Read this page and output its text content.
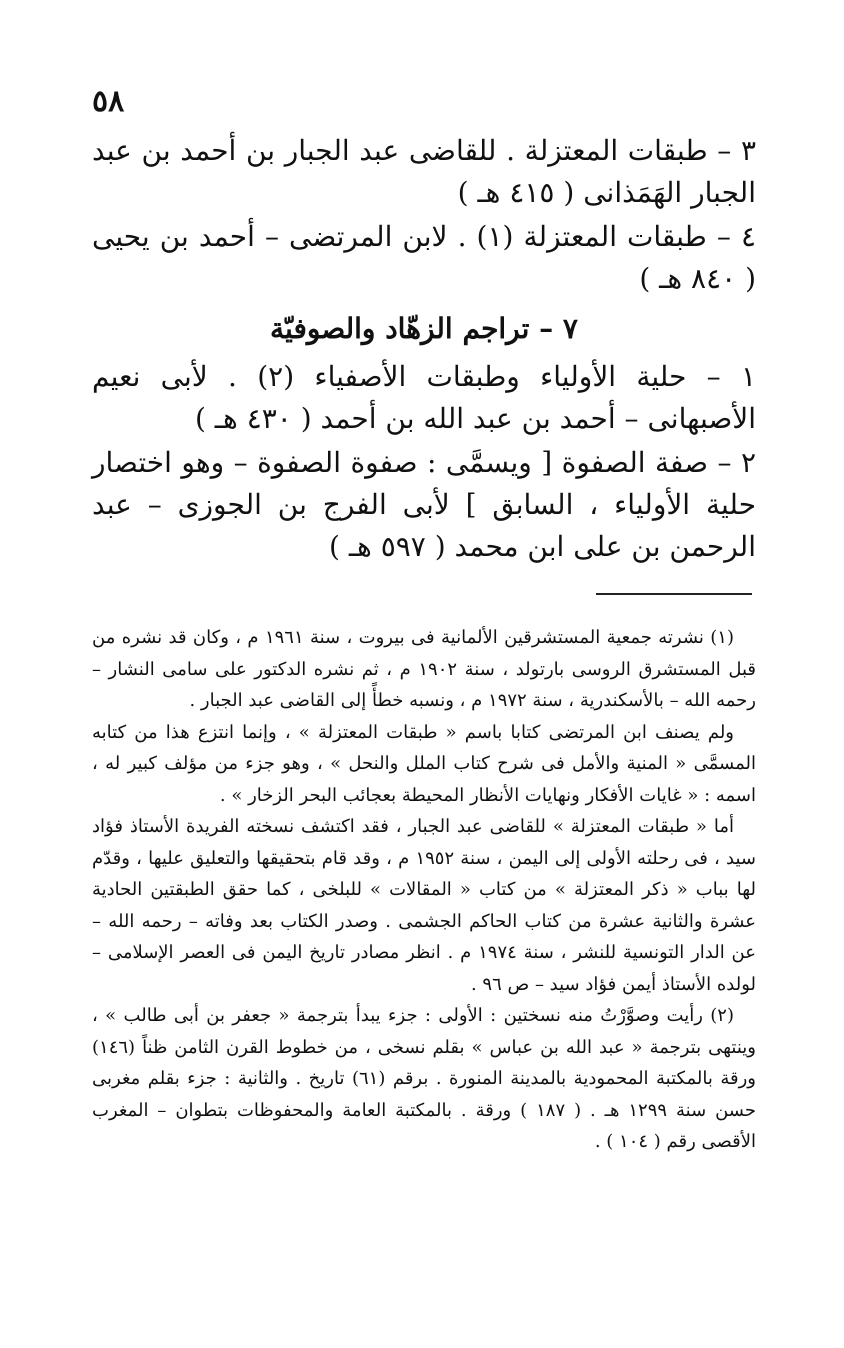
٥٨

٣ – طبقات المعتزلة . للقاضى عبد الجبار بن أحمد بن عبد الجبار الهَمَذانى ( ٤١٥ هـ )

٤ – طبقات المعتزلة (١) . لابن المرتضى – أحمد بن يحيى ( ٨٤٠ هـ )

٧ – تراجم الزهّاد والصوفيّة

١ – حلية الأولياء وطبقات الأصفياء (٢) . لأبى نعيم الأصبهانى – أحمد بن عبد الله بن أحمد ( ٤٣٠ هـ )

٢ – صفة الصفوة [ ويسمَّى : صفوة الصفوة – وهو اختصار حلية الأولياء ، السابق ] لأبى الفرج بن الجوزى – عبد الرحمن بن على ابن محمد ( ٥٩٧ هـ )

(١) نشرته جمعية المستشرقين الألمانية فى بيروت ، سنة ١٩٦١ م ، وكان قد نشره من قبل المستشرق الروسى بارتولد ، سنة ١٩٠٢ م ، ثم نشره الدكتور على سامى النشار – رحمه الله – بالأسكندرية ، سنة ١٩٧٢ م ، ونسبه خطأً إلى القاضى عبد الجبار .

ولم يصنف ابن المرتضى كتابا باسم « طبقات المعتزلة » ، وإنما انتزع هذا من كتابه المسمَّى « المنية والأمل فى شرح كتاب الملل والنحل » ، وهو جزء من مؤلف كبير له ، اسمه : « غايات الأفكار ونهايات الأنظار المحيطة بعجائب البحر الزخار » .

أما « طبقات المعتزلة » للقاضى عبد الجبار ، فقد اكتشف نسخته الفريدة الأستاذ فؤاد سيد ، فى رحلته الأولى إلى اليمن ، سنة ١٩٥٢ م ، وقد قام بتحقيقها والتعليق عليها ، وقدّم لها بباب « ذكر المعتزلة » من كتاب « المقالات » للبلخى ، كما حقق الطبقتين الحادية عشرة والثانية عشرة من كتاب الحاكم الجشمى . وصدر الكتاب بعد وفاته – رحمه الله – عن الدار التونسية للنشر ، سنة ١٩٧٤ م . انظر مصادر تاريخ اليمن فى العصر الإسلامى – لولده الأستاذ أيمن فؤاد سيد – ص ٩٦ .

(٢) رأيت وصوَّرْتُ منه نسختين : الأولى : جزء يبدأ بترجمة « جعفر بن أبى طالب » ، وينتهى بترجمة « عبد الله بن عباس » بقلم نسخى ، من خطوط القرن الثامن ظناً (١٤٦) ورقة بالمكتبة المحمودية بالمدينة المنورة . برقم (٦١) تاريخ . والثانية : جزء بقلم مغربى حسن سنة ١٢٩٩ هـ . ( ١٨٧ ) ورقة . بالمكتبة العامة والمحفوظات بتطوان – المغرب الأقصى رقم ( ١٠٤ ) .
